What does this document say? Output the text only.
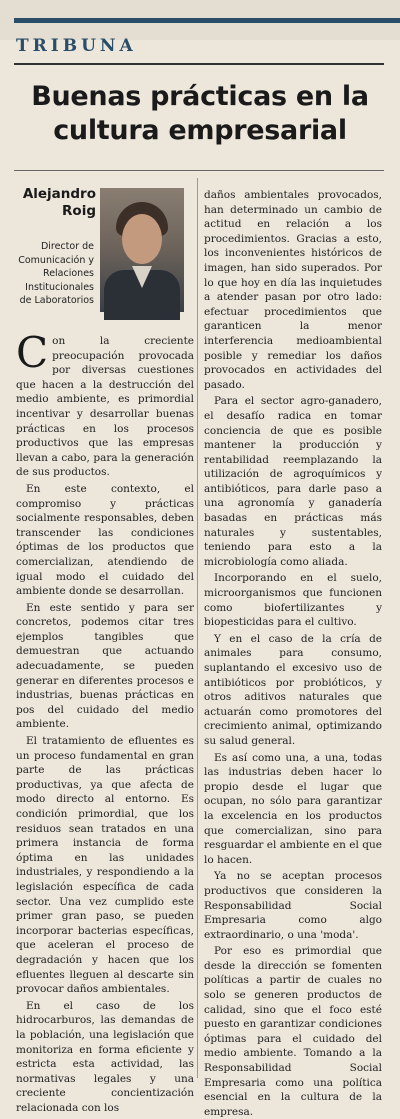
TRIBUNA
Buenas prácticas en la cultura empresarial
Alejandro Roig
Director de Comunicación y Relaciones Institucionales de Laboratorios

Con la creciente preocupación provocada por diversas cuestiones que hacen a la destrucción del medio ambiente, es primordial incentivar y desarrollar buenas prácticas en los procesos productivos que las empresas llevan a cabo, para la generación de sus productos.

En este contexto, el compromiso y prácticas socialmente responsables, deben transcender las condiciones óptimas de los productos que comercializan, atendiendo de igual modo el cuidado del ambiente donde se desarrollan.

En este sentido y para ser concretos, podemos citar tres ejemplos tangibles que demuestran que actuando adecuadamente, se pueden generar en diferentes procesos e industrias, buenas prácticas en pos del cuidado del medio ambiente.

El tratamiento de efluentes es un proceso fundamental en gran parte de las prácticas productivas, ya que afecta de modo directo al entorno. Es condición primordial, que los residuos sean tratados en una primera instancia de forma óptima en las unidades industriales, y respondiendo a la legislación específica de cada sector. Una vez cumplido este primer gran paso, se pueden incorporar bacterias específicas, que aceleran el proceso de degradación y hacen que los efluentes lleguen al descarte sin provocar daños ambientales.

En el caso de los hidrocarburos, las demandas de la población, una legislación que monitoriza en forma eficiente y estricta esta actividad, las normativas legales y una creciente concientización relacionada con los

daños ambientales provocados, han determinado un cambio de actitud en relación a los procedimientos. Gracias a esto, los inconvenientes históricos de imagen, han sido superados. Por lo que hoy en día las inquietudes a atender pasan por otro lado: efectuar procedimientos que garanticen la menor interferencia medioambiental posible y remediar los daños provocados en actividades del pasado.

Para el sector agro-ganadero, el desafío radica en tomar conciencia de que es posible mantener la producción y rentabilidad reemplazando la utilización de agroquímicos y antibióticos, para darle paso a una agronomía y ganadería basadas en prácticas más naturales y sustentables, teniendo para esto a la microbiología como aliada.

Incorporando en el suelo, microorganismos que funcionen como biofertilizantes y biopesticidas para el cultivo.

Y en el caso de la cría de animales para consumo, suplantando el excesivo uso de antibióticos por probióticos, y otros aditivos naturales que actuarán como promotores del crecimiento animal, optimizando su salud general.

Es así como una, a una, todas las industrias deben hacer lo propio desde el lugar que ocupan, no sólo para garantizar la excelencia en los productos que comercializan, sino para resguardar el ambiente en el que lo hacen.

Ya no se aceptan procesos productivos que consideren la Responsabilidad Social Empresaria como algo extraordinario, o una 'moda'.

Por eso es primordial que desde la dirección se fomenten políticas a partir de cuales no solo se generen productos de calidad, sino que el foco esté puesto en garantizar condiciones óptimas para el cuidado del medio ambiente. Tomando a la Responsabilidad Social Empresaria como una política esencial en la cultura de la empresa.
